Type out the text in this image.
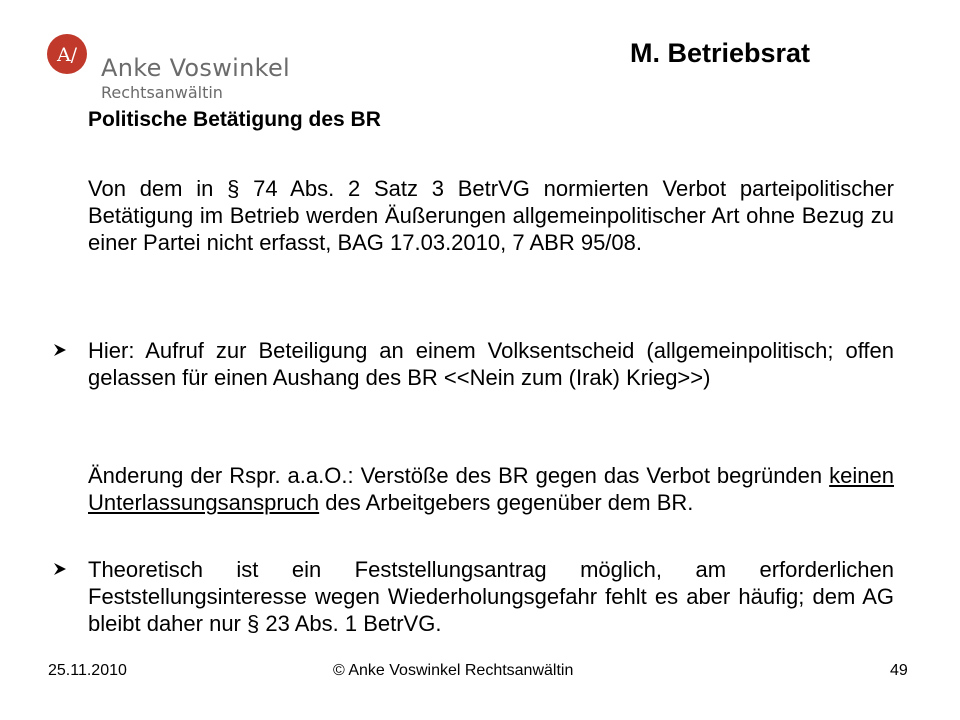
A/ Anke Voswinkel
Rechtsanwältin
M. Betriebsrat
Politische Betätigung des BR
Von dem in § 74 Abs. 2 Satz 3 BetrVG normierten Verbot parteipolitischer Betätigung im Betrieb werden Äußerungen allgemeinpolitischer Art ohne Bezug zu einer Partei nicht erfasst, BAG 17.03.2010, 7 ABR 95/08.
Hier: Aufruf zur Beteiligung an einem Volksentscheid (allgemeinpolitisch; offen gelassen für einen Aushang des BR <<Nein zum (Irak) Krieg>>)
Änderung der Rspr. a.a.O.: Verstöße des BR gegen das Verbot begründen keinen Unterlassungsanspruch des Arbeitgebers gegenüber dem BR.
Theoretisch ist ein Feststellungsantrag möglich, am erforderlichen Feststellungsinteresse wegen Wiederholungsgefahr fehlt es aber häufig; dem AG bleibt daher nur § 23 Abs. 1 BetrVG.
25.11.2010	© Anke Voswinkel Rechtsanwältin	49
